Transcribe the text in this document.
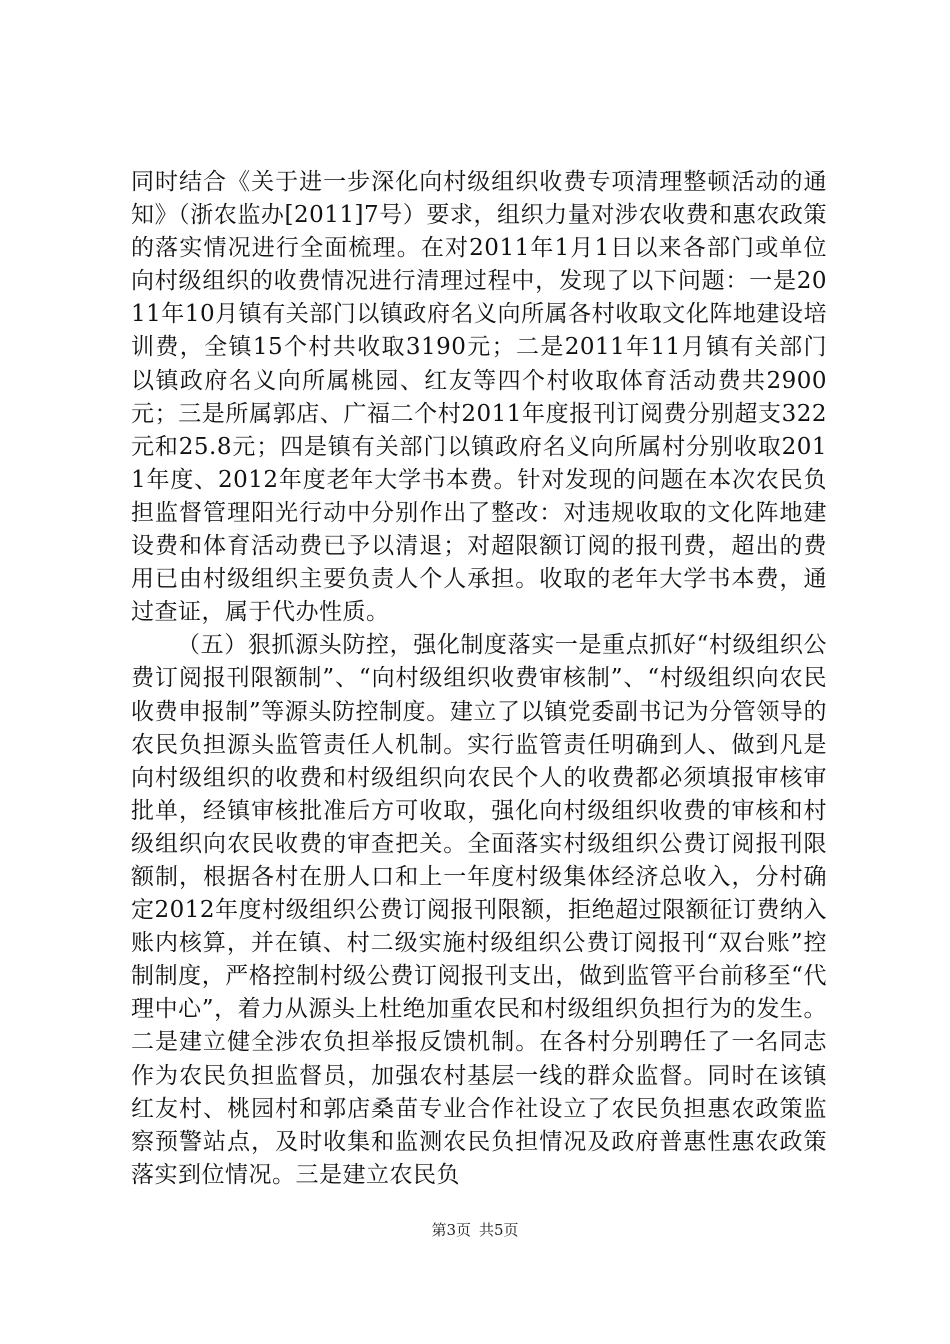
同时结合《关于进一步深化向村级组织收费专项清理整顿活动的通知》（浙农监办[2011]7号）要求，组织力量对涉农收费和惠农政策的落实情况进行全面梳理。在对2011年1月1日以来各部门或单位向村级组织的收费情况进行清理过程中，发现了以下问题：一是2011年10月镇有关部门以镇政府名义向所属各村收取文化阵地建设培训费，全镇15个村共收取3190元；二是2011年11月镇有关部门以镇政府名义向所属桃园、红友等四个村收取体育活动费共2900元；三是所属郭店、广福二个村2011年度报刊订阅费分别超支322元和25.8元；四是镇有关部门以镇政府名义向所属村分别收取2011年度、2012年度老年大学书本费。针对发现的问题在本次农民负担监督管理阳光行动中分别作出了整改：对违规收取的文化阵地建设费和体育活动费已予以清退；对超限额订阅的报刊费，超出的费用已由村级组织主要负责人个人承担。收取的老年大学书本费，通过查证，属于代办性质。

（五）狠抓源头防控，强化制度落实一是重点抓好“村级组织公费订阅报刊限额制”、“向村级组织收费审核制”、“村级组织向农民收费申报制”等源头防控制度。建立了以镇党委副书记为分管领导的农民负担源头监管责任人机制。实行监管责任明确到人、做到凡是向村级组织的收费和村级组织向农民个人的收费都必须填报审核审批单，经镇审核批准后方可收取，强化向村级组织收费的审核和村级组织向农民收费的审查把关。全面落实村级组织公费订阅报刊限额制，根据各村在册人口和上一年度村级集体经济总收入，分村确定2012年度村级组织公费订阅报刊限额，拒绝超过限额征订费纳入账内核算，并在镇、村二级实施村级组织公费订阅报刊“双台账”控制制度，严格控制村级公费订阅报刊支出，做到监管平台前移至“代理中心”，着力从源头上杜绝加重农民和村级组织负担行为的发生。二是建立健全涉农负担举报反馈机制。在各村分别聘任了一名同志作为农民负担监督员，加强农村基层一线的群众监督。同时在该镇红友村、桃园村和郭店桑苗专业合作社设立了农民负担惠农政策监察预警站点，及时收集和监测农民负担情况及政府普惠性惠农政策落实到位情况。三是建立农民负

第3页 共5页
